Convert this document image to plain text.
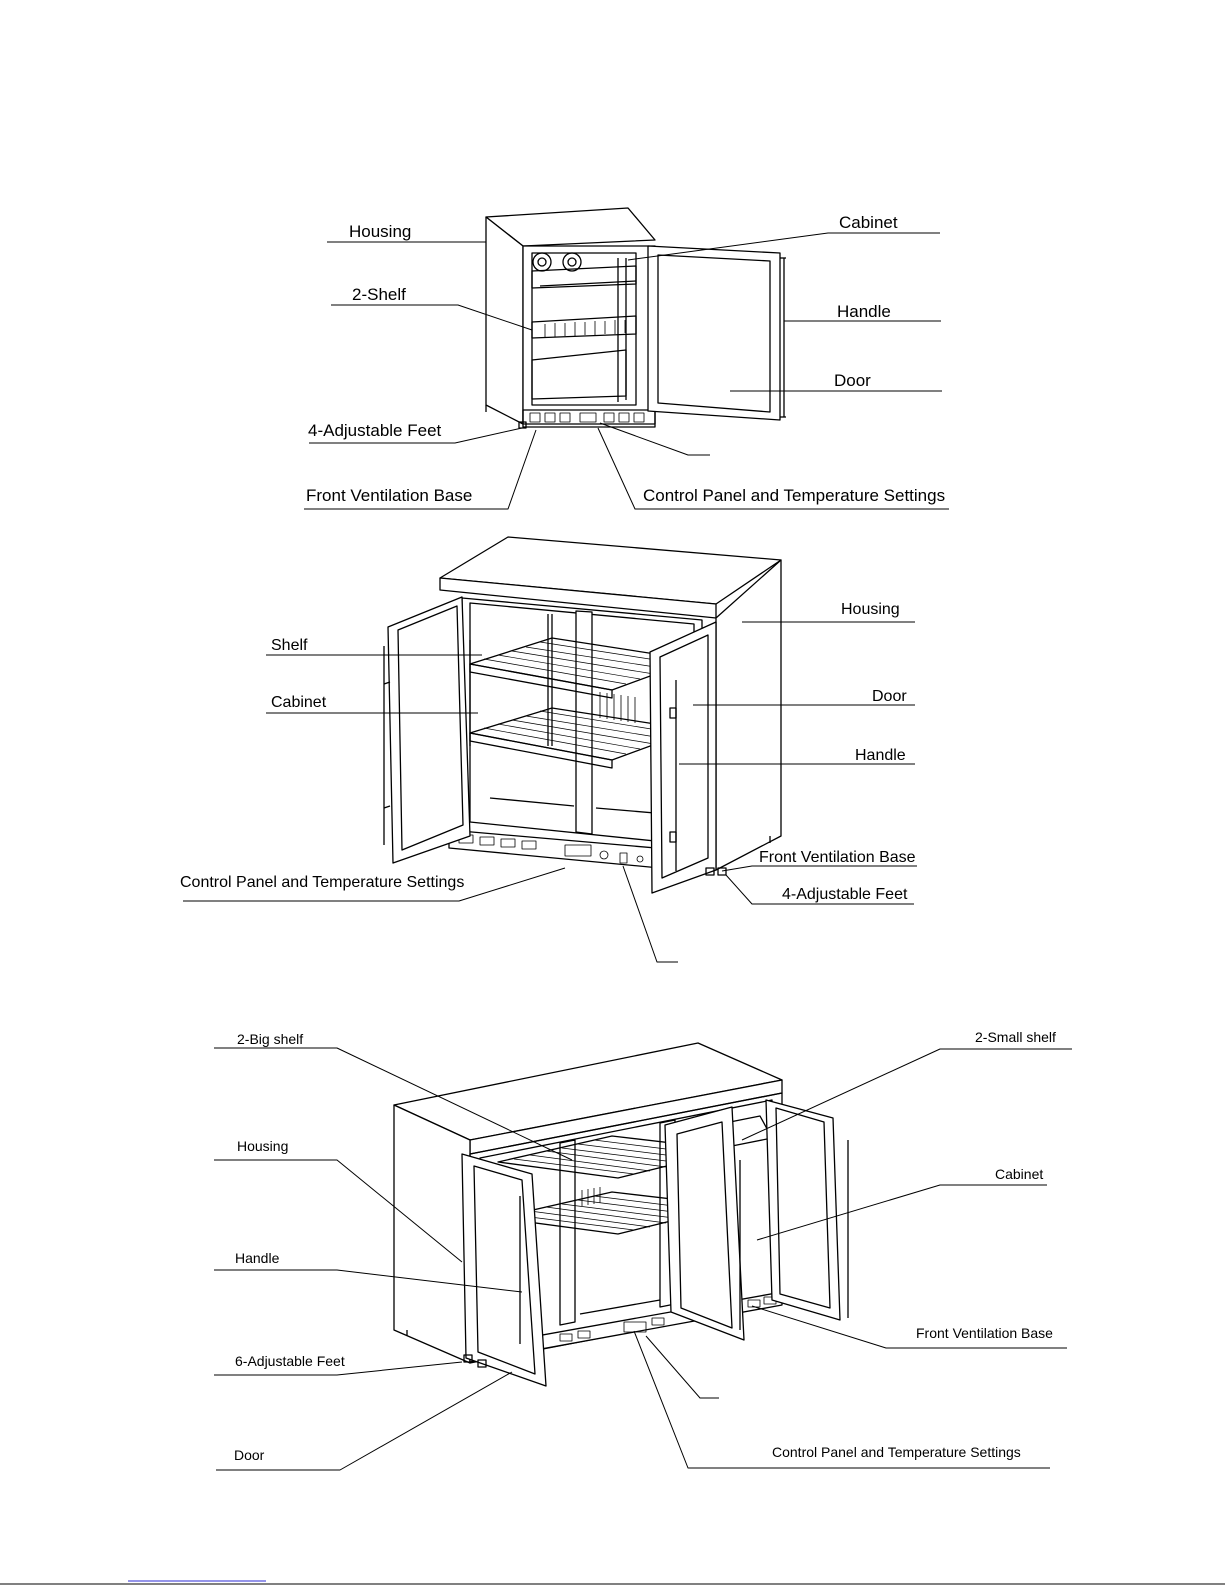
Housing
2-Shelf
4-Adjustable Feet
Front Ventilation Base
Cabinet
Handle
Door
Control Panel and Temperature Settings
Shelf
Cabinet
Control Panel and Temperature Settings
Housing
Door
Handle
Front Ventilation Base
4-Adjustable Feet
2-Big shelf
Housing
Handle
6-Adjustable Feet
Door
2-Small shelf
Cabinet
Front Ventilation Base
Control Panel and Temperature Settings
